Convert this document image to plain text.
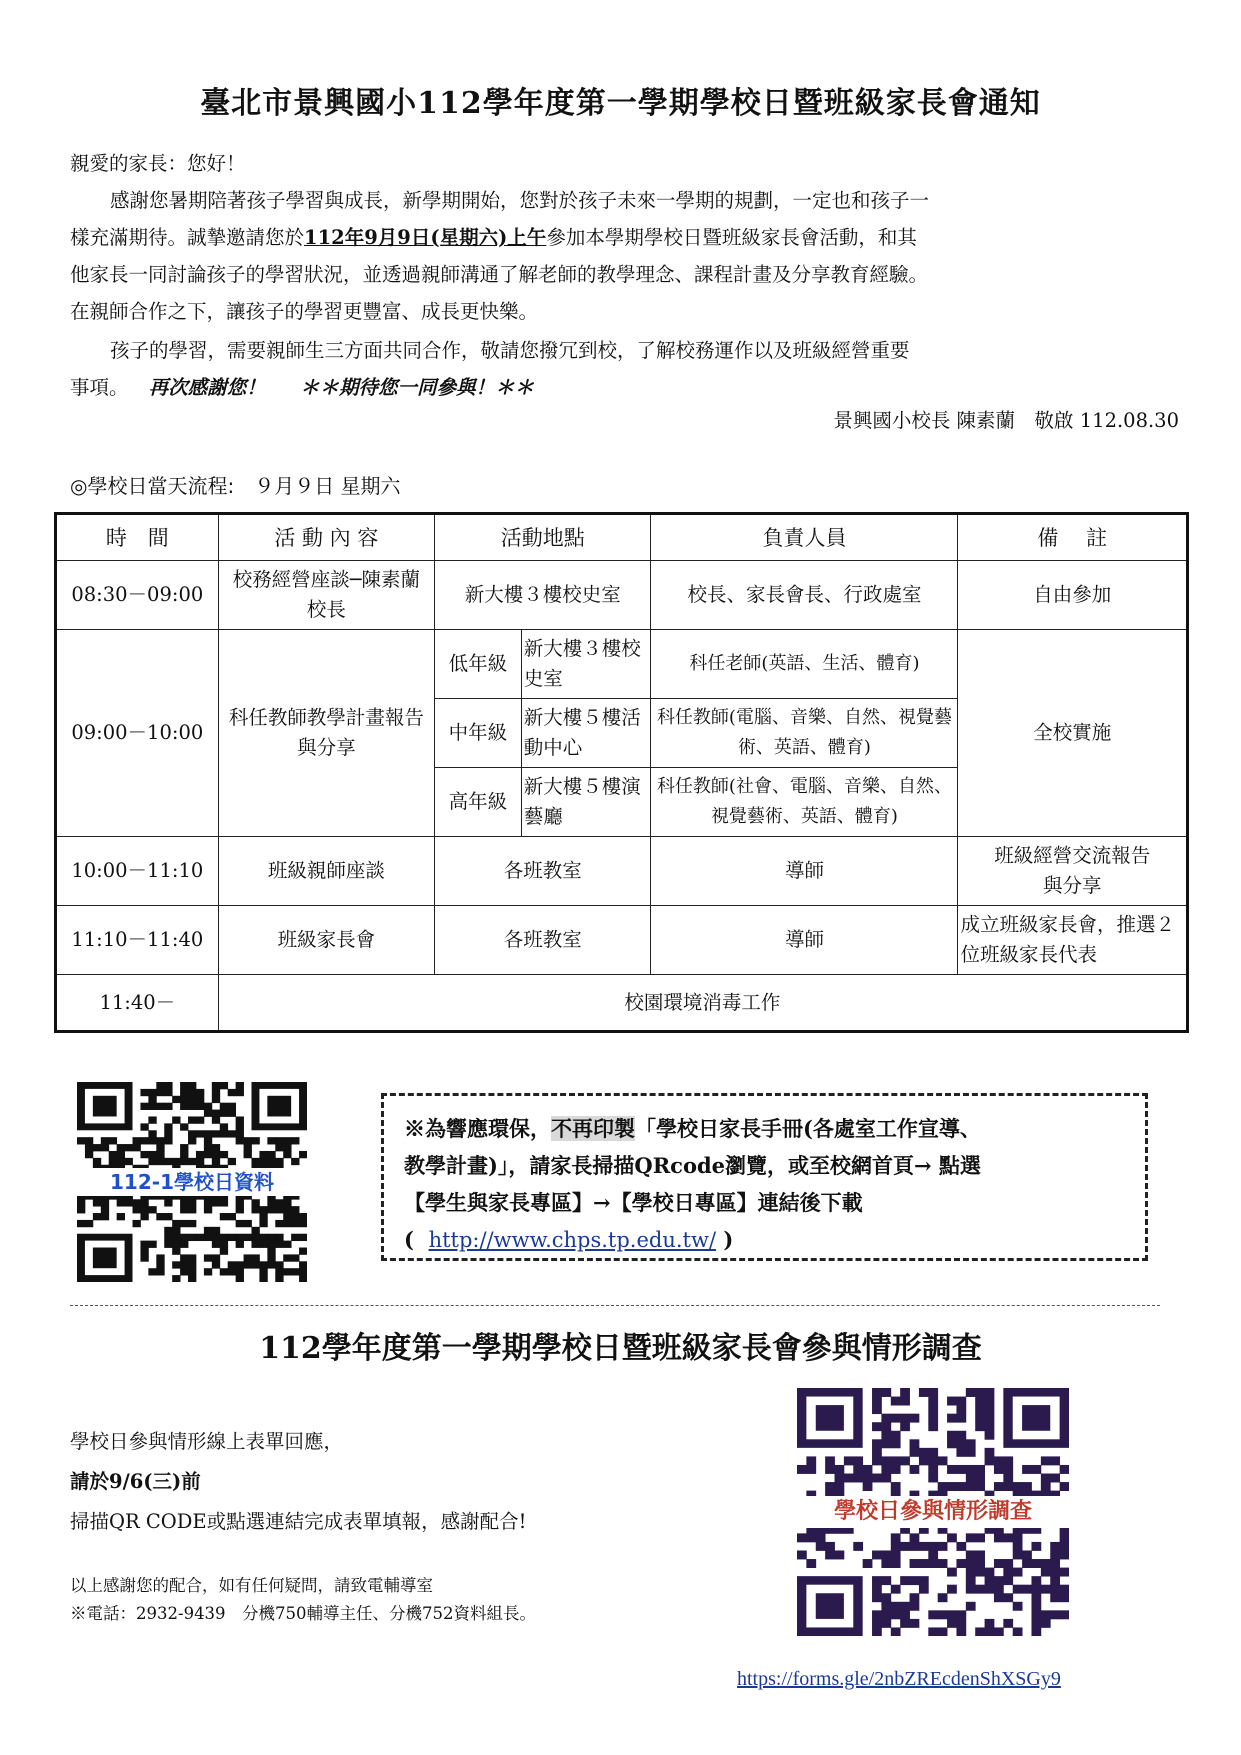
臺北市景興國小112學年度第一學期學校日暨班級家長會通知
親愛的家長：您好！
感謝您暑期陪著孩子學習與成長，新學期開始，您對於孩子未來一學期的規劃，一定也和孩子一
樣充滿期待。誠摯邀請您於112年9月9日(星期六)上午參加本學期學校日暨班級家長會活動，和其
他家長一同討論孩子的學習狀況，並透過親師溝通了解老師的教學理念、課程計畫及分享教育經驗。
在親師合作之下，讓孩子的學習更豐富、成長更快樂。
孩子的學習，需要親師生三方面共同合作，敬請您撥冗到校，了解校務運作以及班級經營重要
事項。 再次感謝您！ ＊＊期待您一同參與！＊＊
景興國小校長 陳素蘭　敬啟 112.08.30
◎學校日當天流程:　９月９日 星期六
時　間	活 動 內 容	活動地點		負責人員	備　 註
08:30－09:00	校務經營座談─陳素蘭校長	新大樓３樓校史室		校長、家長會長、行政處室	自由參加
09:00－10:00	科任教師教學計畫報告與分享	低年級	新大樓３樓校史室	科任老師(英語、生活、體育)	全校實施
		中年級	新大樓５樓活動中心	科任教師(電腦、音樂、自然、視覺藝術、英語、體育)	
		高年級	新大樓５樓演藝廳	科任教師(社會、電腦、音樂、自然、視覺藝術、英語、體育)	
10:00－11:10	班級親師座談	各班教室		導師	班級經營交流報告與分享
11:10－11:40	班級家長會	各班教室		導師	成立班級家長會，推選２位班級家長代表
11:40－	校園環境消毒工作				
112-1學校日資料
※為響應環保，不再印製「學校日家長手冊(各處室工作宣導、
教學計畫)」，請家長掃描QRcode瀏覽，或至校網首頁→ 點選
【學生與家長專區】→【學校日專區】連結後下載
( http://www.chps.tp.edu.tw/ )
112學年度第一學期學校日暨班級家長會參與情形調查
學校日參與情形線上表單回應，
請於9/6(三)前
掃描QR CODE或點選連結完成表單填報，感謝配合!
以上感謝您的配合，如有任何疑問，請致電輔導室
※電話：2932-9439　分機750輔導主任、分機752資料組長。
學校日參與情形調查
https://forms.gle/2nbZREcdenShXSGy9
